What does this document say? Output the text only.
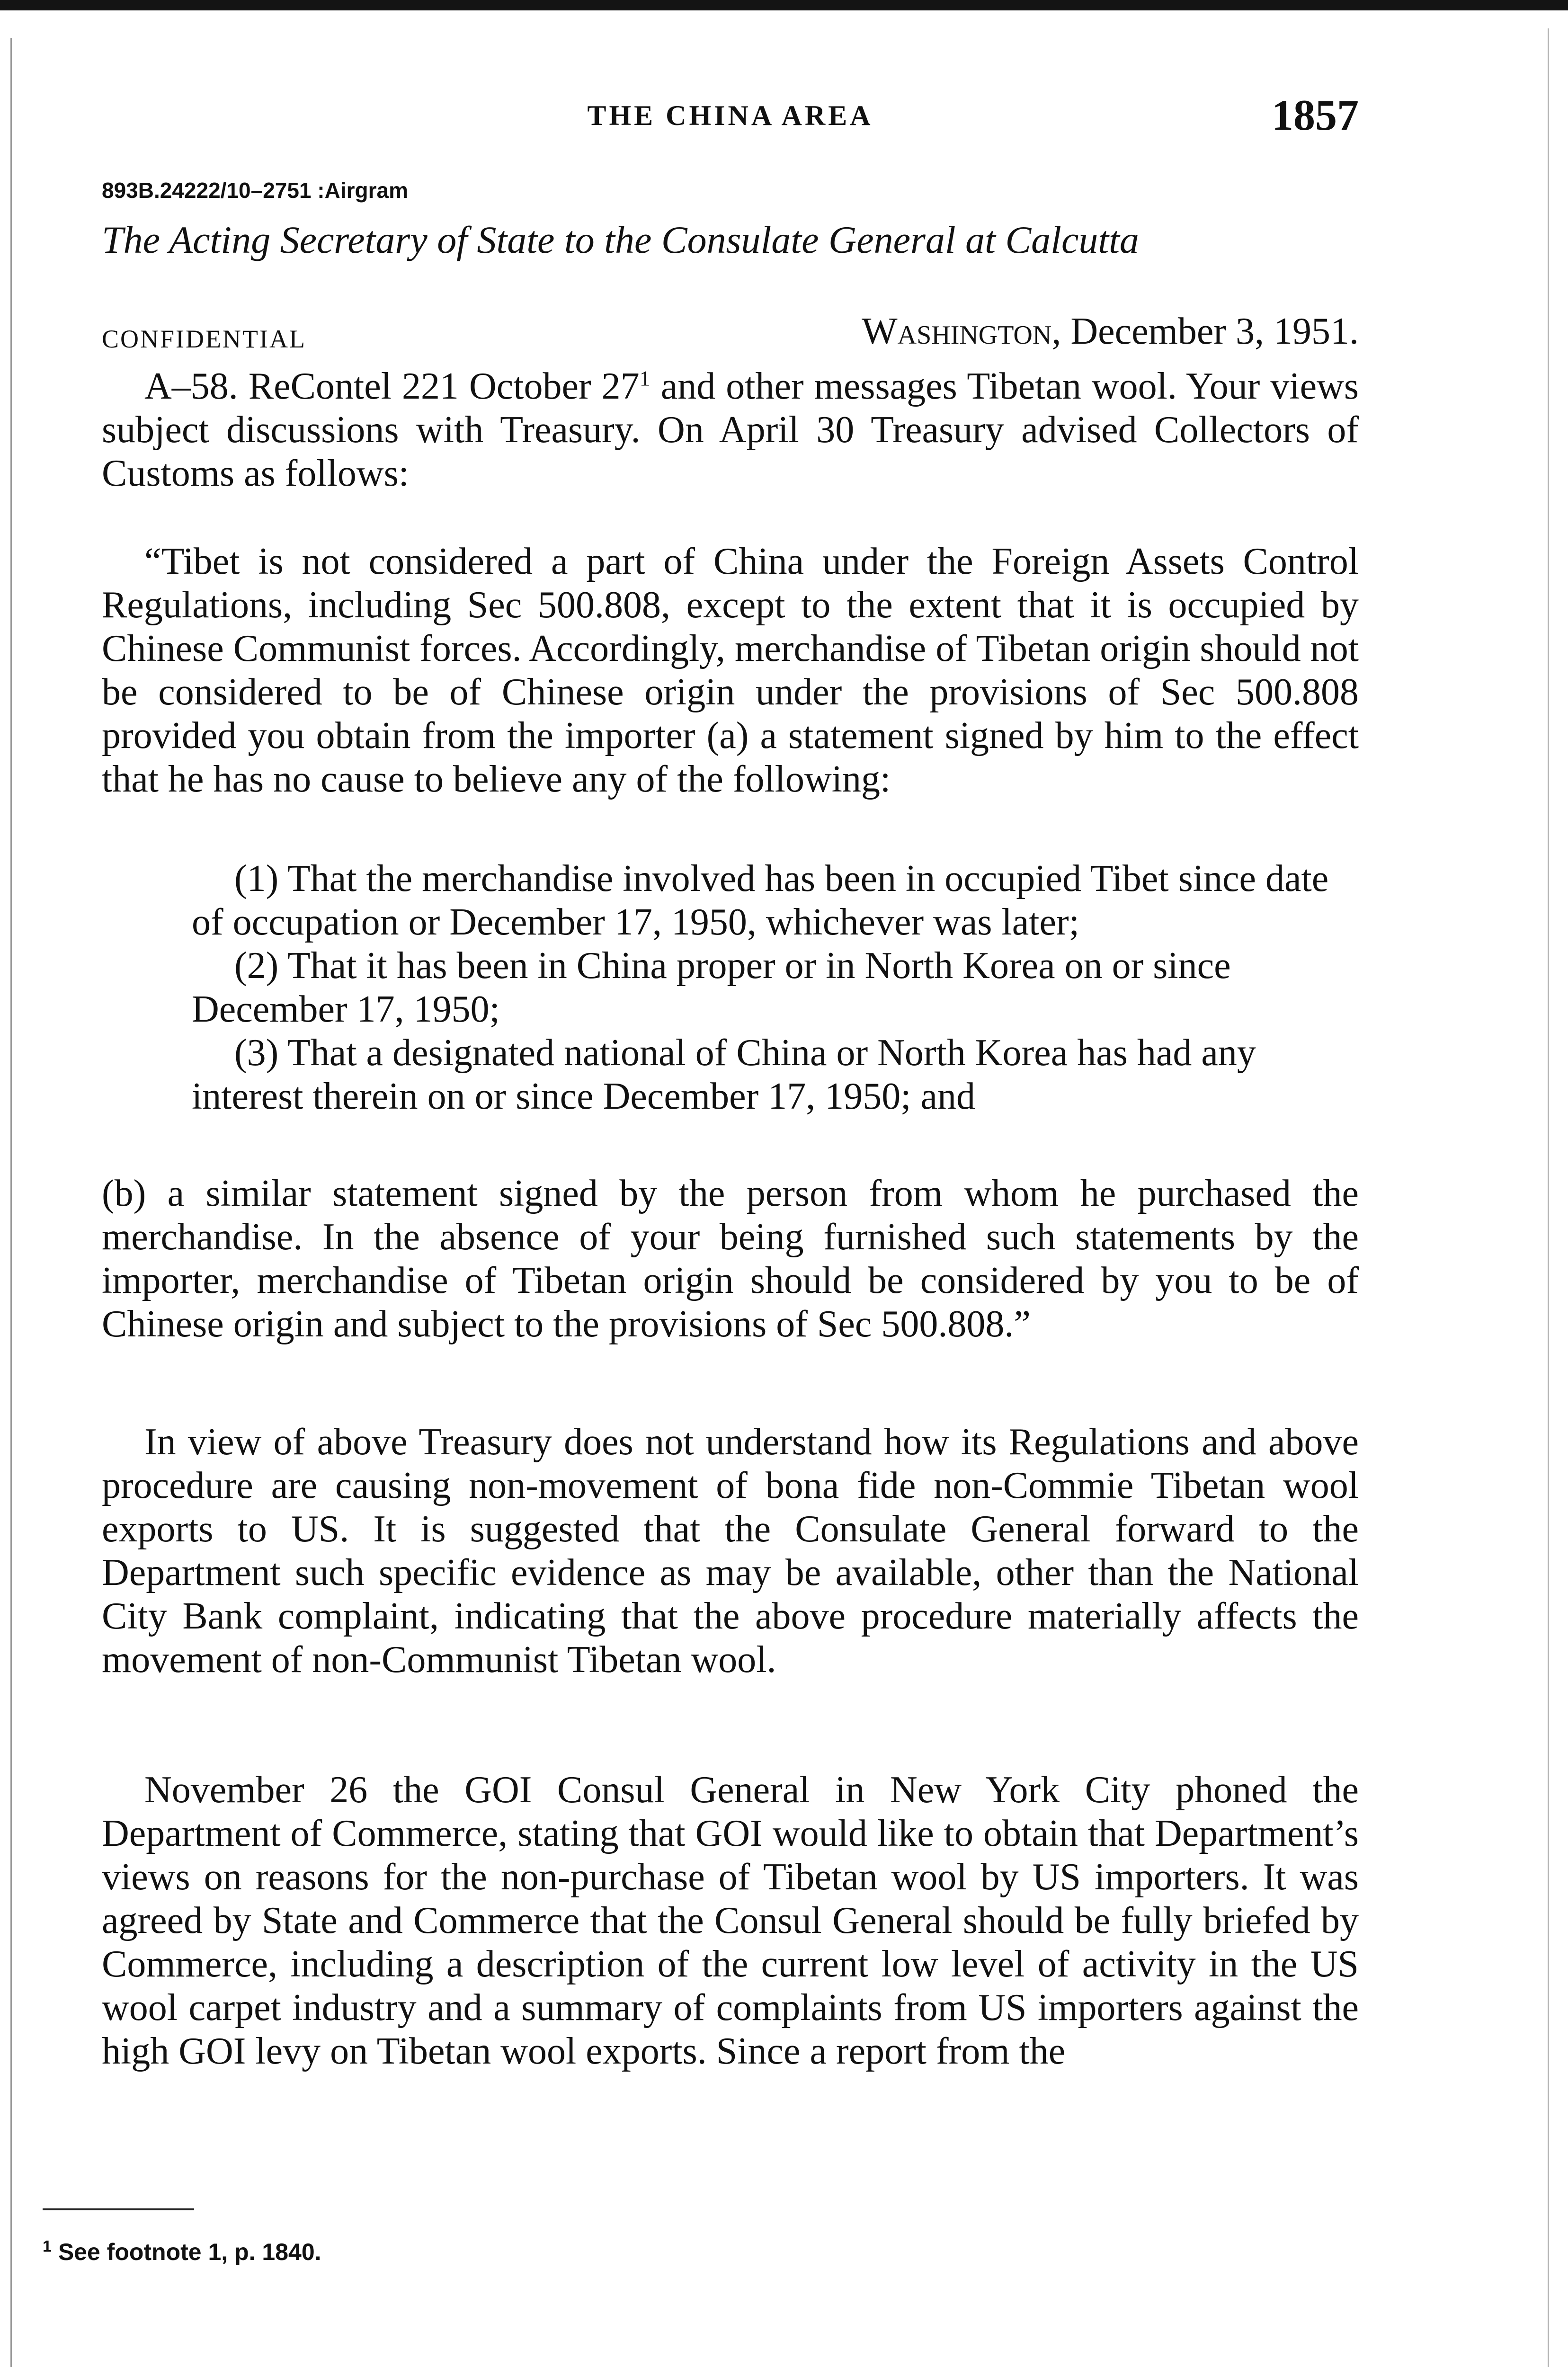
THE CHINA AREA	1857
893B.24222/10–2751 :Airgram
The Acting Secretary of State to the Consulate General at Calcutta
CONFIDENTIAL	Washington, December 3, 1951.
A–58. ReContel 221 October $27^1$ and other messages Tibetan wool. Your views subject discussions with Treasury. On April 30 Treasury advised Collectors of Customs as follows:
“Tibet is not considered a part of China under the Foreign Assets Control Regulations, including Sec 500.808, except to the extent that it is occupied by Chinese Communist forces. Accordingly, merchandise of Tibetan origin should not be considered to be of Chinese origin under the provisions of Sec 500.808 provided you obtain from the importer (a) a statement signed by him to the effect that he has no cause to believe any of the following:

(1) That the merchandise involved has been in occupied Tibet since date of occupation or December 17, 1950, whichever was later;

(2) That it has been in China proper or in North Korea on or since December 17, 1950;

(3) That a designated national of China or North Korea has had any interest therein on or since December 17, 1950; and

(b) a similar statement signed by the person from whom he purchased the merchandise. In the absence of your being furnished such statements by the importer, merchandise of Tibetan origin should be considered by you to be of Chinese origin and subject to the provisions of Sec 500.808.”
In view of above Treasury does not understand how its Regulations and above procedure are causing non-movement of bona fide non-Commie Tibetan wool exports to US. It is suggested that the Consulate General forward to the Department such specific evidence as may be available, other than the National City Bank complaint, indicating that the above procedure materially affects the movement of non-Communist Tibetan wool.
November 26 the GOI Consul General in New York City phoned the Department of Commerce, stating that GOI would like to obtain that Department’s views on reasons for the non-purchase of Tibetan wool by US importers. It was agreed by State and Commerce that the Consul General should be fully briefed by Commerce, including a description of the current low level of activity in the US wool carpet industry and a summary of complaints from US importers against the high GOI levy on Tibetan wool exports. Since a report from the
$^1$ See footnote 1, p. 1840.
